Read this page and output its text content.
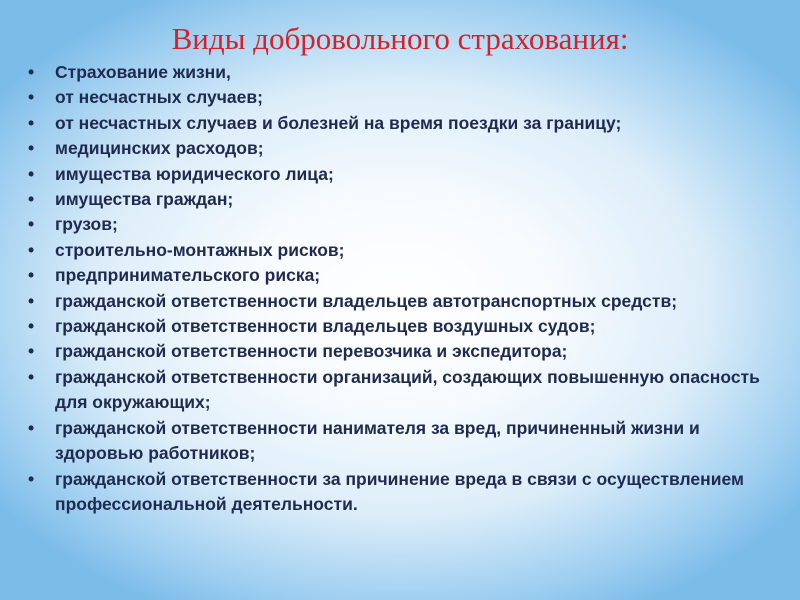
Виды добровольного страхования:
•	Страхование жизни,
•	от несчастных случаев;
•	от несчастных случаев и болезней на время поездки за границу;
•	медицинских расходов;
•	имущества юридического лица;
•	имущества граждан;
•	грузов;
•	строительно-монтажных рисков;
•	предпринимательского риска;
•	гражданской ответственности владельцев автотранспортных средств;
•	гражданской ответственности владельцев воздушных судов;
•	гражданской ответственности перевозчика и экспедитора;
•	гражданской ответственности организаций, создающих повышенную опасность для окружающих;
•	гражданской ответственности нанимателя за вред, причиненный жизни и здоровью работников;
•	гражданской ответственности за причинение вреда в связи с осуществлением профессиональной деятельности.
